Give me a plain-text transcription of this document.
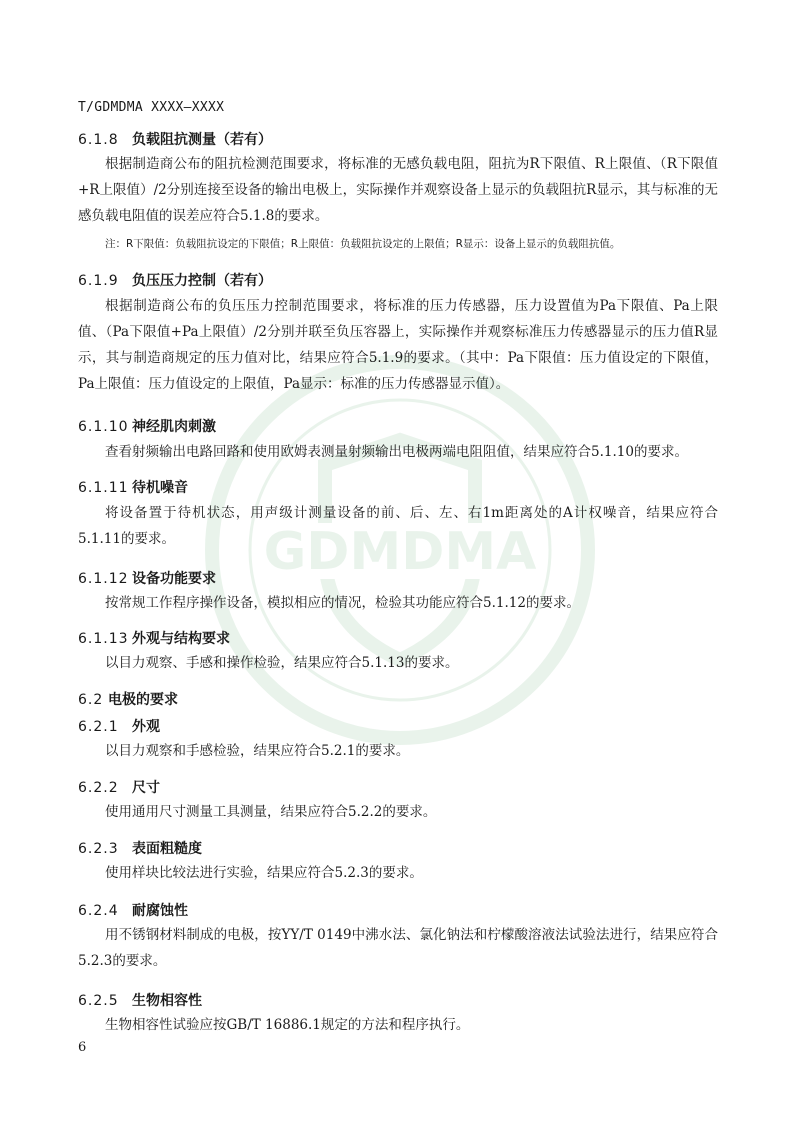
GDMDMA
T/GDMDMA XXXX—XXXX
6.1.8 负载阻抗测量（若有）
根据制造商公布的阻抗检测范围要求，将标准的无感负载电阻，阻抗为R下限值、R上限值、（R下限值+R上限值）/2分别连接至设备的输出电极上，实际操作并观察设备上显示的负载阻抗R显示，其与标准的无感负载电阻值的误差应符合5.1.8的要求。
注：R下限值：负载阻抗设定的下限值；R上限值：负载阻抗设定的上限值；R显示：设备上显示的负载阻抗值。
6.1.9 负压压力控制（若有）
根据制造商公布的负压压力控制范围要求，将标准的压力传感器，压力设置值为Pa下限值、Pa上限值、（Pa下限值+Pa上限值）/2分别并联至负压容器上，实际操作并观察标准压力传感器显示的压力值R显示，其与制造商规定的压力值对比，结果应符合5.1.9的要求。（其中：Pa下限值：压力值设定的下限值，Pa上限值：压力值设定的上限值，Pa显示：标准的压力传感器显示值）。
6.1.10 神经肌肉刺激
查看射频输出电路回路和使用欧姆表测量射频输出电极两端电阻阻值，结果应符合5.1.10的要求。
6.1.11 待机噪音
将设备置于待机状态，用声级计测量设备的前、后、左、右1m距离处的A计权噪音，结果应符合5.1.11的要求。
6.1.12 设备功能要求
按常规工作程序操作设备，模拟相应的情况，检验其功能应符合5.1.12的要求。
6.1.13 外观与结构要求
以目力观察、手感和操作检验，结果应符合5.1.13的要求。
6.2 电极的要求
6.2.1 外观
以目力观察和手感检验，结果应符合5.2.1的要求。
6.2.2 尺寸
使用通用尺寸测量工具测量，结果应符合5.2.2的要求。
6.2.3 表面粗糙度
使用样块比较法进行实验，结果应符合5.2.3的要求。
6.2.4 耐腐蚀性
用不锈钢材料制成的电极，按YY/T 0149中沸水法、氯化钠法和柠檬酸溶液法试验法进行，结果应符合5.2.3的要求。
6.2.5 生物相容性
生物相容性试验应按GB/T 16886.1规定的方法和程序执行。
6
